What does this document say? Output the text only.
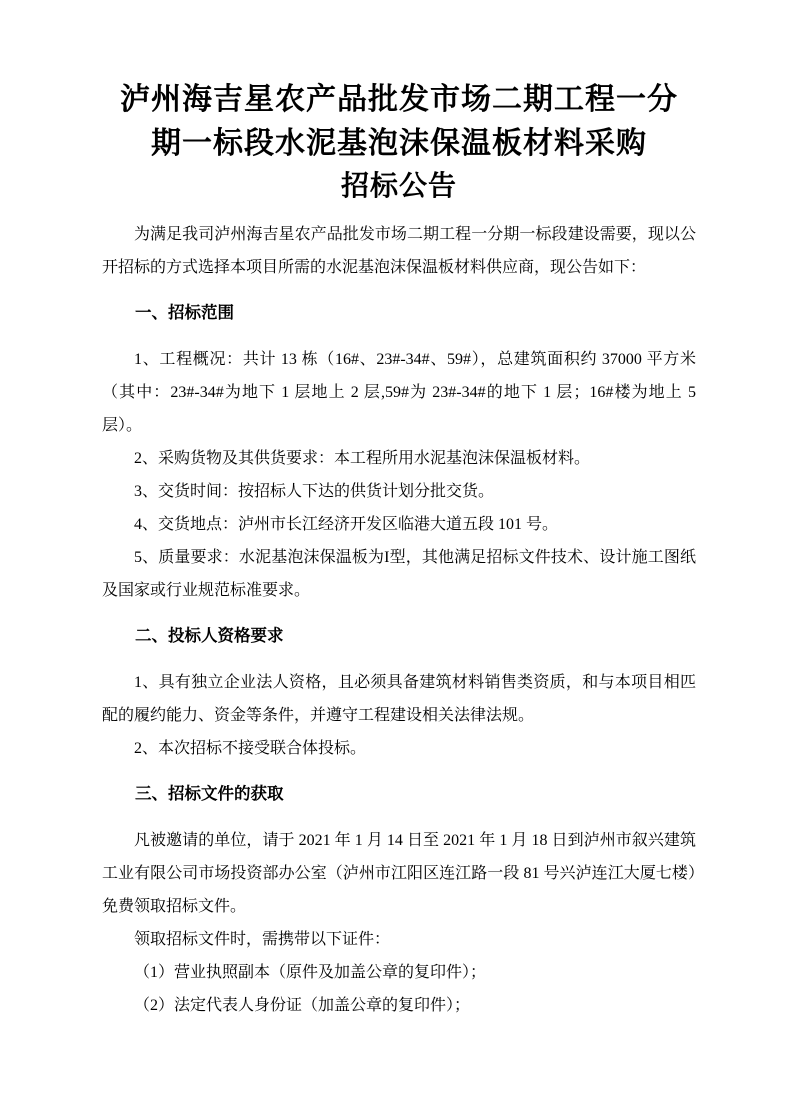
泸州海吉星农产品批发市场二期工程一分
期一标段水泥基泡沫保温板材料采购
招标公告

为满足我司泸州海吉星农产品批发市场二期工程一分期一标段建设需要，现以公开招标的方式选择本项目所需的水泥基泡沫保温板材料供应商，现公告如下：

一、招标范围

1、工程概况：共计 13 栋（16#、23#-34#、59#），总建筑面积约 37000 平方米（其中：23#-34#为地下 1 层地上 2 层,59#为 23#-34#的地下 1 层；16#楼为地上 5 层）。

2、采购货物及其供货要求：本工程所用水泥基泡沫保温板材料。

3、交货时间：按招标人下达的供货计划分批交货。

4、交货地点：泸州市长江经济开发区临港大道五段 101 号。

5、质量要求：水泥基泡沫保温板为I型，其他满足招标文件技术、设计施工图纸及国家或行业规范标准要求。

二、投标人资格要求

1、具有独立企业法人资格，且必须具备建筑材料销售类资质，和与本项目相匹配的履约能力、资金等条件，并遵守工程建设相关法律法规。

2、本次招标不接受联合体投标。

三、招标文件的获取

凡被邀请的单位，请于 2021 年 1 月 14 日至 2021 年 1 月 18 日到泸州市叙兴建筑工业有限公司市场投资部办公室（泸州市江阳区连江路一段 81 号兴泸连江大厦七楼）免费领取招标文件。

领取招标文件时，需携带以下证件：

（1）营业执照副本（原件及加盖公章的复印件）；

（2）法定代表人身份证（加盖公章的复印件）；
